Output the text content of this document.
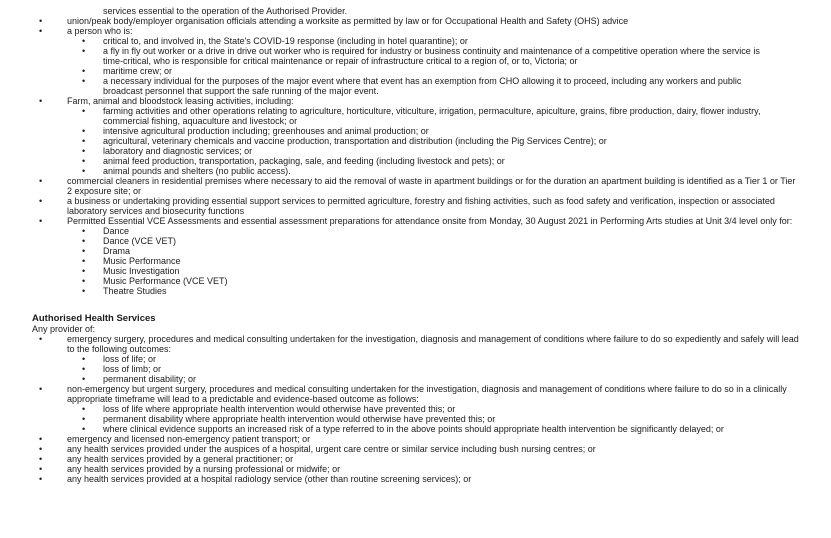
services essential to the operation of the Authorised Provider.
•	union/peak body/employer organisation officials attending a worksite as permitted by law or for Occupational Health and Safety (OHS) advice
•	a person who is:
• critical to, and involved in, the State's COVID-19 response (including in hotel quarantine); or
• a fly in fly out worker or a drive in drive out worker who is required for industry or business continuity and maintenance of a competitive operation where the service is time-critical, who is responsible for critical maintenance or repair of infrastructure critical to a region of, or to, Victoria; or
• maritime crew; or
• a necessary individual for the purposes of the major event where that event has an exemption from CHO allowing it to proceed, including any workers and public broadcast personnel that support the safe running of the major event.
•	Farm, animal and bloodstock leasing activities, including:
• farming activities and other operations relating to agriculture, horticulture, viticulture, irrigation, permaculture, apiculture, grains, fibre production, dairy, flower industry, commercial fishing, aquaculture and livestock; or
• intensive agricultural production including; greenhouses and animal production; or
• agricultural, veterinary chemicals and vaccine production, transportation and distribution (including the Pig Services Centre); or
• laboratory and diagnostic services; or
• animal feed production, transportation, packaging, sale, and feeding (including livestock and pets); or
• animal pounds and shelters (no public access).
•	commercial cleaners in residential premises where necessary to aid the removal of waste in apartment buildings or for the duration an apartment building is identified as a Tier 1 or Tier 2 exposure site; or
•	a business or undertaking providing essential support services to permitted agriculture, forestry and fishing activities, such as food safety and verification, inspection or associated laboratory services and biosecurity functions
•	Permitted Essential VCE Assessments and essential assessment preparations for attendance onsite from Monday, 30 August 2021 in Performing Arts studies at Unit 3/4 level only for:
• Dance
• Dance (VCE VET)
• Drama
• Music Performance
• Music Investigation
• Music Performance (VCE VET)
• Theatre Studies
Authorised Health Services
Any provider of:
•	emergency surgery, procedures and medical consulting undertaken for the investigation, diagnosis and management of conditions where failure to do so expediently and safely will lead to the following outcomes:
• loss of life; or
• loss of limb; or
• permanent disability; or
•	non-emergency but urgent surgery, procedures and medical consulting undertaken for the investigation, diagnosis and management of conditions where failure to do so in a clinically appropriate timeframe will lead to a predictable and evidence-based outcome as follows:
• loss of life where appropriate health intervention would otherwise have prevented this; or
• permanent disability where appropriate health intervention would otherwise have prevented this; or
• where clinical evidence supports an increased risk of a type referred to in the above points should appropriate health intervention be significantly delayed; or
•	emergency and licensed non-emergency patient transport; or
•	any health services provided under the auspices of a hospital, urgent care centre or similar service including bush nursing centres; or
•	any health services provided by a general practitioner; or
•	any health services provided by a nursing professional or midwife; or
•	any health services provided at a hospital radiology service (other than routine screening services); or
